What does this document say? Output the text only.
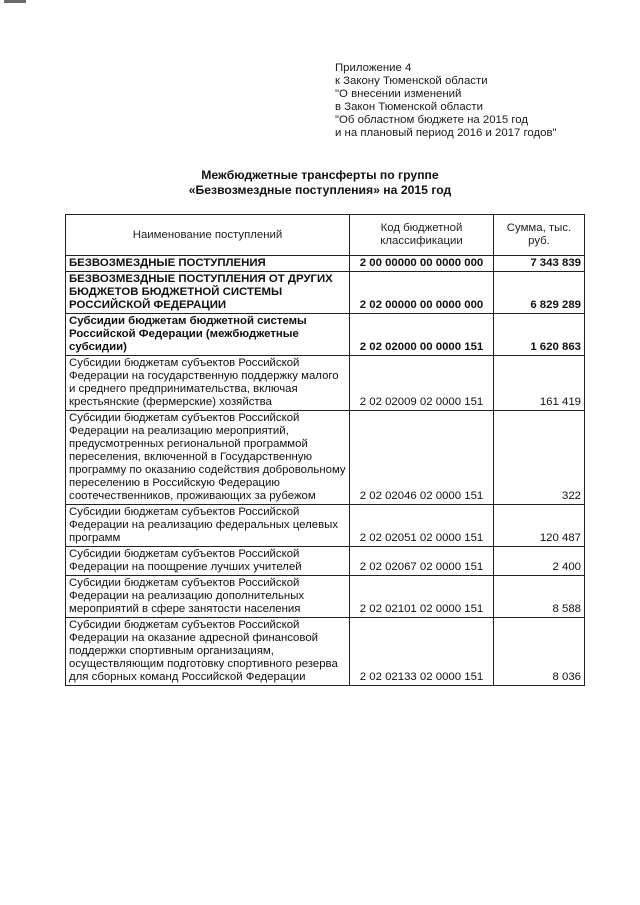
Приложение 4
к Закону Тюменской области
"О внесении изменений
в Закон Тюменской области
"Об областном бюджете на 2015 год
и на плановый период 2016 и 2017 годов"
Межбюджетные трансферты по группе
«Безвозмездные поступления» на 2015 год
Наименование поступлений	Код бюджетной классификации	Сумма, тыс. руб.
БЕЗВОЗМЕЗДНЫЕ ПОСТУПЛЕНИЯ	2 00 00000 00 0000 000	7 343 839
БЕЗВОЗМЕЗДНЫЕ ПОСТУПЛЕНИЯ ОТ ДРУГИХ БЮДЖЕТОВ БЮДЖЕТНОЙ СИСТЕМЫ РОССИЙСКОЙ ФЕДЕРАЦИИ	2 02 00000 00 0000 000	6 829 289
Субсидии бюджетам бюджетной системы Российской Федерации (межбюджетные субсидии)	2 02 02000 00 0000 151	1 620 863
Субсидии бюджетам субъектов Российской Федерации на государственную поддержку малого и среднего предпринимательства, включая крестьянские (фермерские) хозяйства	2 02 02009 02 0000 151	161 419
Субсидии бюджетам субъектов Российской Федерации на реализацию мероприятий, предусмотренных региональной программой переселения, включенной в Государственную программу по оказанию содействия добровольному переселению в Российскую Федерацию соотечественников, проживающих за рубежом	2 02 02046 02 0000 151	322
Субсидии бюджетам субъектов Российской Федерации на реализацию федеральных целевых программ	2 02 02051 02 0000 151	120 487
Субсидии бюджетам субъектов Российской Федерации на поощрение лучших учителей	2 02 02067 02 0000 151	2 400
Субсидии бюджетам субъектов Российской Федерации на реализацию дополнительных мероприятий в сфере занятости населения	2 02 02101 02 0000 151	8 588
Субсидии бюджетам субъектов Российской Федерации на оказание адресной финансовой поддержки спортивным организациям, осуществляющим подготовку спортивного резерва для сборных команд Российской Федерации	2 02 02133 02 0000 151	8 036
